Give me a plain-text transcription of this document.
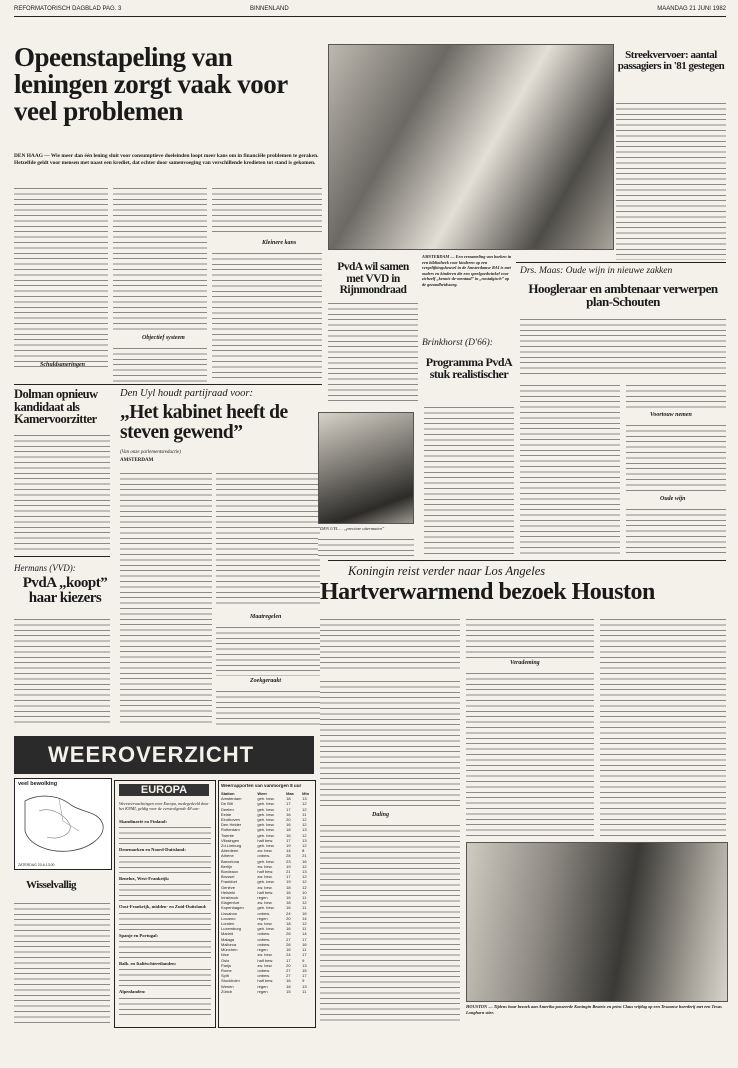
REFORMATORISCH DAGBLAD PAG. 3	BINNENLAND	MAANDAG 21 JUNI 1982
Opeenstapeling van leningen zorgt vaak voor veel problemen
DEN HAAG — Wie meer dan één lening sluit voor consumptieve doeleinden loopt meer kans om in financiële problemen te geraken. Hetzelfde geldt voor mensen met naast een krediet, dat echter door samenvoeging van verschillende kredieten tot stand is gekomen.
Schuldsaneringen
Objectief systeem
Kleinere kans
Dolman opnieuw kandidaat als Kamervoorzitter
Hermans (VVD):
PvdA „koopt” haar kiezers
Den Uyl houdt partijraad voor:
„Het kabinet heeft de steven gewend”
(Van onze parlementsredactie)
AMSTERDAM
Maatregelen
Zoekgeraakt
DEN UYL ... „precieze uitermaten”
PvdA wil samen met VVD in Rijnmondraad
AMSTERDAM — Een verzameling van boeken in een bibliotheek voor kinderen op een vergelijkingsheuvel in de Amsterdamse RAI is met ouders en kinderen die een speelgoedwinkel voor zichzelf „kennis-de-mentaal” in „nostalgisch” op de gezondheidszorg.
Brinkhorst (D'66):
Programma PvdA stuk realistischer
Streekvervoer: aantal passagiers in '81 gestegen
Drs. Maas: Oude wijn in nieuwe zakken
Hoogleraar en ambtenaar verwerpen plan-Schouten
Voortouw nemen
Oude wijn
Koningin reist verder naar Los Angeles
Hartverwarmend bezoek Houston
Daling
Verademing
HOUSTON — Tijdens haar bezoek aan Amerika passeerde Koningin Beatrix en prins Claus vrijdag op een Texaanse boerderij met een Texas Longhorn stier.
WEEROVERZICHT
veel bewolking
ZATERDAG 20-6 13.00
Wisselvallig
EUROPA
Weersverwachtingen voor Europa, medegedeeld door het KNMI, geldig voor de eerstvolgende 48 uur:
Skandinavië en Finland:
Denemarken en Noord-Duitsland:
Benelux, West-Frankrijk:
Oost-Frankrijk, midden- en Zuid-Duitsland:
Spanje en Portugal:
Balk. en Italiëschiereilanden:
Alpenlanden:
Weerrapporten van vanmorgen 8 uur
Station	Weer	Max	Min
Amsterdam	geh. bew.	18	13
De Bilt	geh. bew.	17	12
Deelen	geh. bew.	17	12
Eelde	geh. bew.	16	11
Eindhoven	geh. bew.	20	12
Den Helder	geh. bew.	16	12
Rotterdam	geh. bew.	18	13
Twente	geh. bew.	16	12
Vlissingen	half bew.	17	13
Zd.Limburg	geh. bew.	19	12
Aberdeen	zw. bew.	14	8
Athene	onbew.	28	21
Barcelona	geh. bew.	23	16
Berlijn	zw. bew.	19	12
Bordeaux	half bew.	21	13
Brussel	zw. bew.	17	12
Frankfort	geh. bew.	19	12
Genève	zw. bew.	18	12
Helsinki	half bew.	16	10
Innsbruck	regen	16	11
Klagenfurt	zw. bew.	18	12
Kopenhagen	geh. bew.	16	11
Lissabon	onbew.	24	16
Locarno	regen	20	14
Londen	zw. bew.	18	12
Luxemburg	geh. bew.	16	11
Madrid	onbew.	26	14
Malaga	onbew.	27	17
Mallorca	onbew.	26	16
München	regen	16	11
Nice	zw. bew.	24	17
Oslo	half bew.	17	9
Parijs	zw. bew.	20	13
Rome	onbew.	27	15
Split	onbew.	27	17
Stockholm	half bew.	16	9
Wenen	regen	18	13
Zürich	regen	15	11
